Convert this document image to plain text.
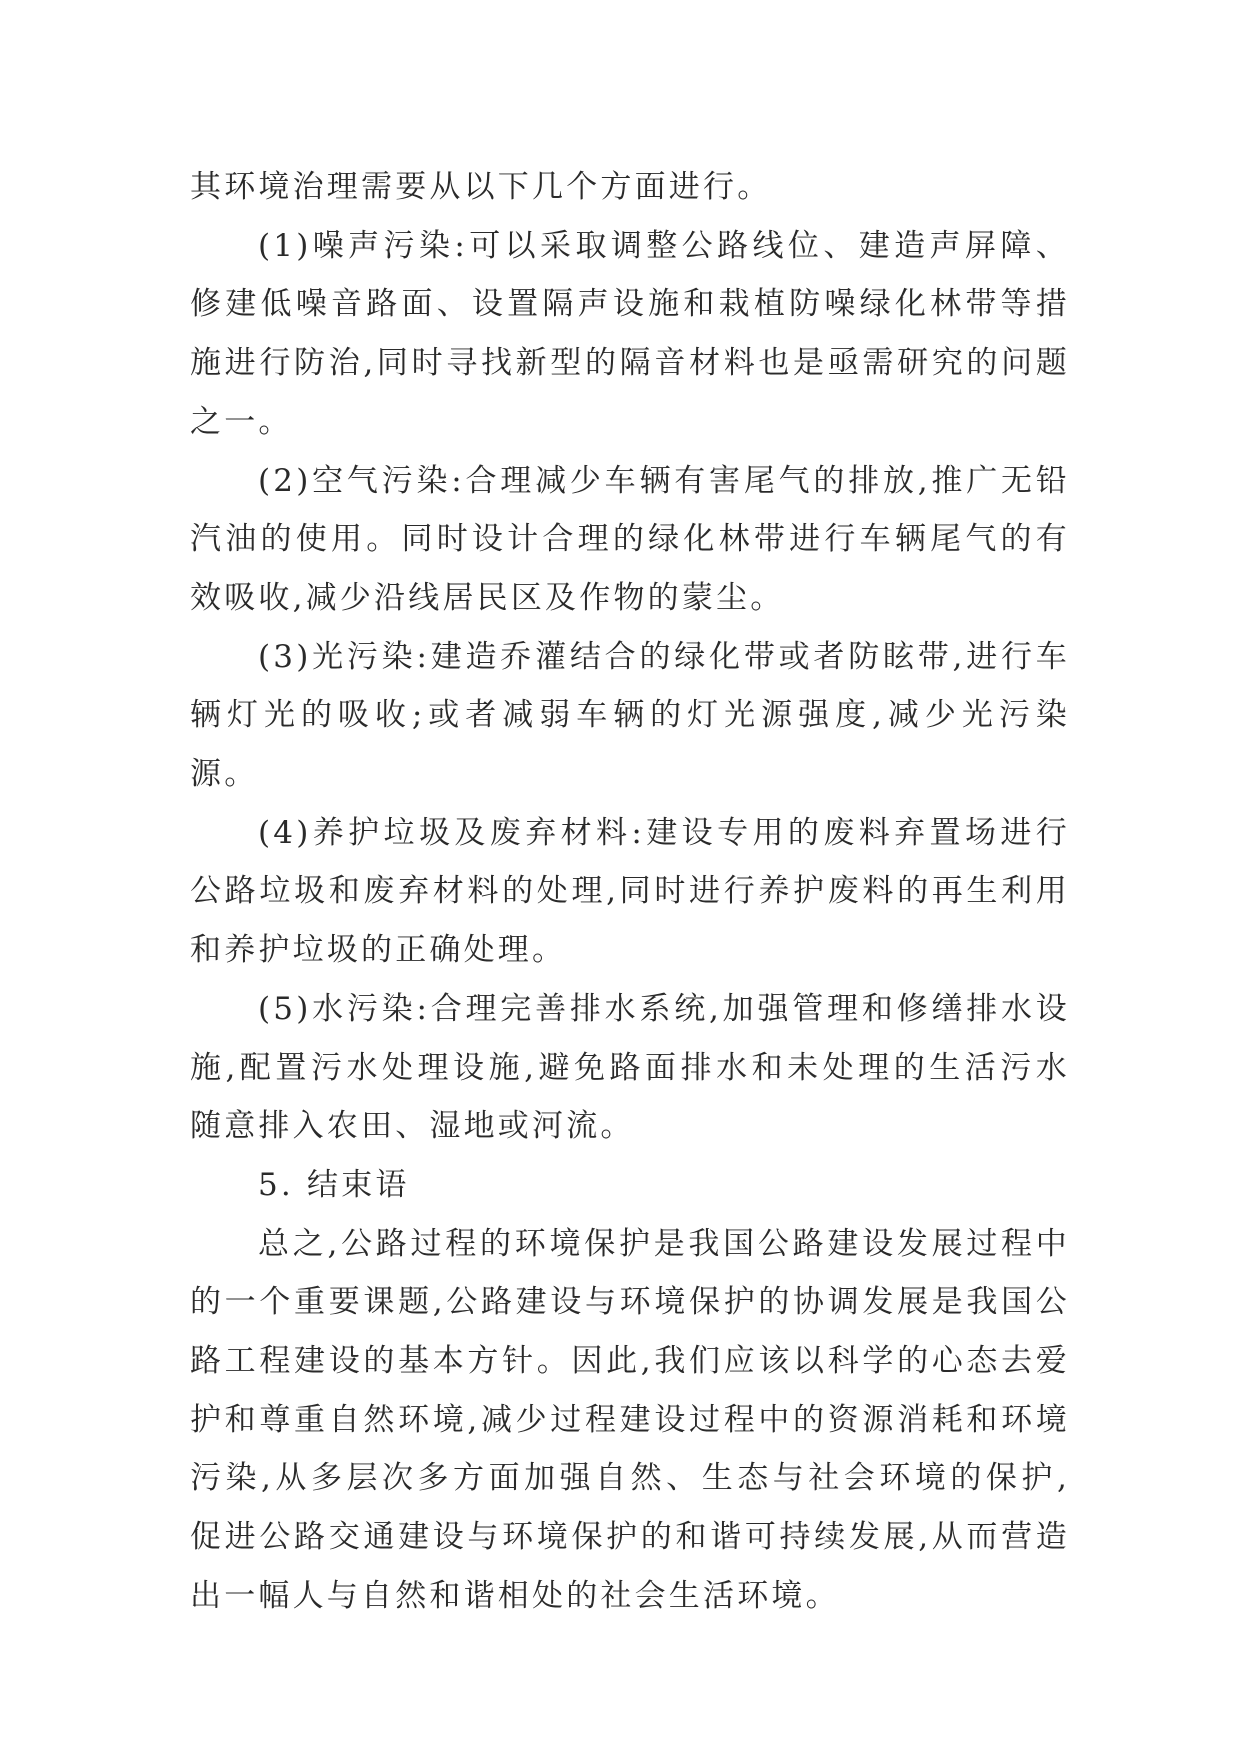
其环境治理需要从以下几个方面进行。

(1)噪声污染:可以采取调整公路线位、建造声屏障、修建低噪音路面、设置隔声设施和栽植防噪绿化林带等措施进行防治,同时寻找新型的隔音材料也是亟需研究的问题之一。

(2)空气污染:合理减少车辆有害尾气的排放,推广无铅汽油的使用。同时设计合理的绿化林带进行车辆尾气的有效吸收,减少沿线居民区及作物的蒙尘。

(3)光污染:建造乔灌结合的绿化带或者防眩带,进行车辆灯光的吸收;或者减弱车辆的灯光源强度,减少光污染源。

(4)养护垃圾及废弃材料:建设专用的废料弃置场进行公路垃圾和废弃材料的处理,同时进行养护废料的再生利用和养护垃圾的正确处理。

(5)水污染:合理完善排水系统,加强管理和修缮排水设施,配置污水处理设施,避免路面排水和未处理的生活污水随意排入农田、湿地或河流。

5. 结束语

总之,公路过程的环境保护是我国公路建设发展过程中的一个重要课题,公路建设与环境保护的协调发展是我国公路工程建设的基本方针。因此,我们应该以科学的心态去爱护和尊重自然环境,减少过程建设过程中的资源消耗和环境污染,从多层次多方面加强自然、生态与社会环境的保护,促进公路交通建设与环境保护的和谐可持续发展,从而营造出一幅人与自然和谐相处的社会生活环境。
